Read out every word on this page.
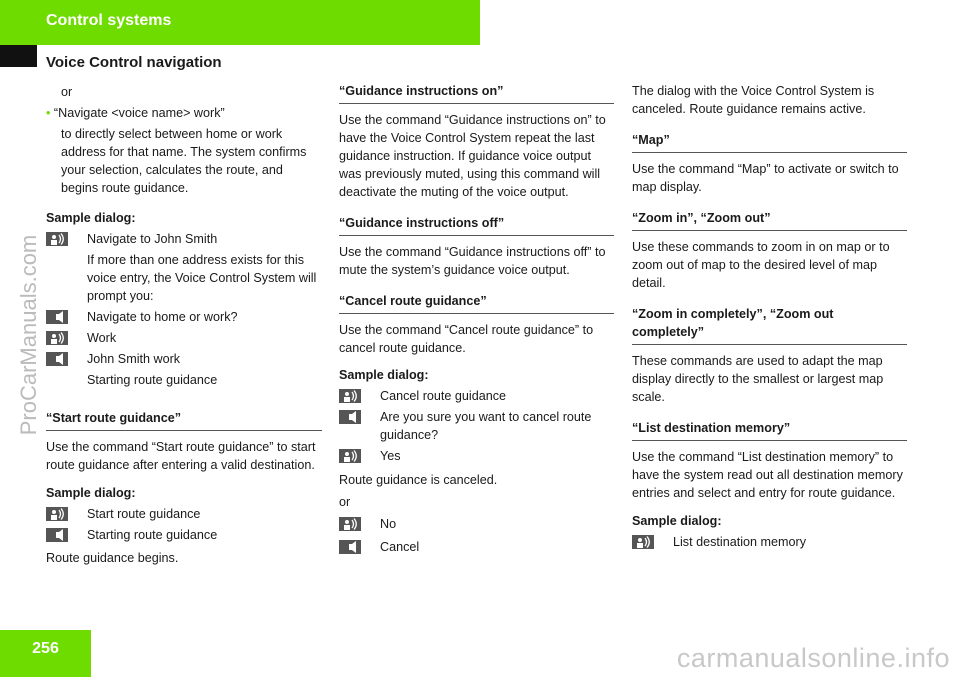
Control systems
Voice Control navigation
ProCarManuals.com

or

• “Navigate <voice name> work”

to directly select between home or work address for that name. The system confirms your selection, calculates the route, and begins route guidance.

Sample dialog:

Navigate to John Smith

If more than one address exists for this voice entry, the Voice Control System will prompt you:

Navigate to home or work?
Work
John Smith work

Starting route guidance

“Start route guidance”

Use the command “Start route guidance” to start route guidance after entering a valid destination.

Sample dialog:

Start route guidance
Starting route guidance

Route guidance begins.

“Guidance instructions on”

Use the command “Guidance instructions on” to have the Voice Control System repeat the last guidance instruction. If guidance voice output was previously muted, using this command will deactivate the muting of the voice output.

“Guidance instructions off”

Use the command “Guidance instructions off” to mute the system’s guidance voice output.

“Cancel route guidance”

Use the command “Cancel route guidance” to cancel route guidance.

Sample dialog:

Cancel route guidance
Are you sure you want to cancel route guidance?
Yes

Route guidance is canceled.

or

No
Cancel

The dialog with the Voice Control System is canceled. Route guidance remains active.

“Map”

Use the command “Map” to activate or switch to map display.

“Zoom in”, “Zoom out”

Use these commands to zoom in on map or to zoom out of map to the desired level of map detail.

“Zoom in completely”, “Zoom out completely”

These commands are used to adapt the map display directly to the smallest or largest map scale.

“List destination memory”

Use the command “List destination memory” to have the system read out all destination memory entries and select and entry for route guidance.

Sample dialog:

List destination memory
256	carmanualsonline.info
